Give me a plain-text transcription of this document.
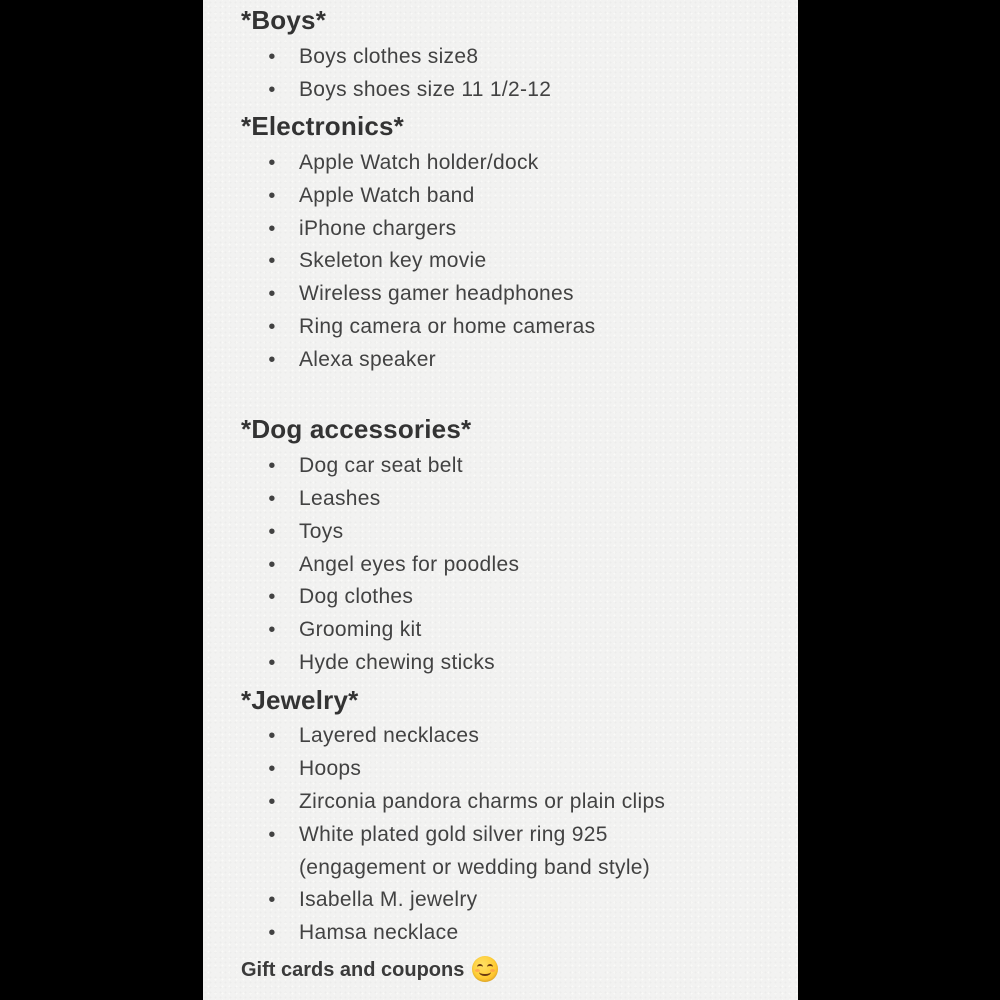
*Boys*
• Boys clothes size8
• Boys shoes size 11 1/2-12
*Electronics*
• Apple Watch holder/dock
• Apple Watch band
• iPhone chargers
• Skeleton key movie
• Wireless gamer headphones
• Ring camera or home cameras
• Alexa speaker
*Dog accessories*
• Dog car seat belt
• Leashes
• Toys
• Angel eyes for poodles
• Dog clothes
• Grooming kit
• Hyde chewing sticks
*Jewelry*
• Layered necklaces
• Hoops
• Zirconia pandora charms or plain clips
• White plated gold silver ring 925
(engagement or wedding band style)
• Isabella M. jewelry
• Hamsa necklace
Gift cards and coupons
